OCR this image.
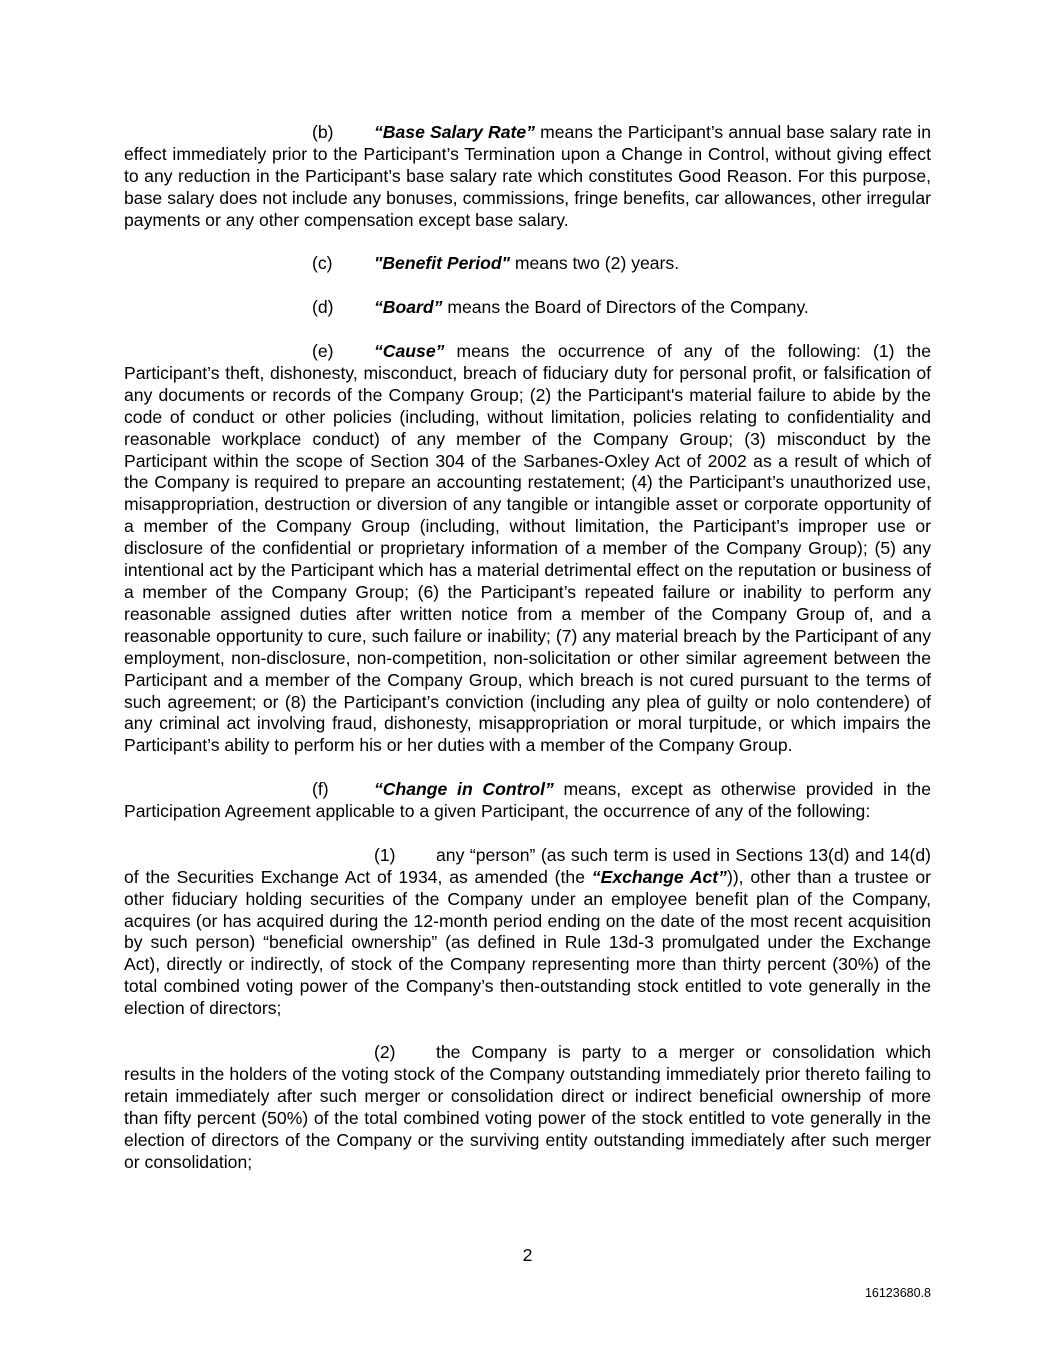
(b) “Base Salary Rate” means the Participant’s annual base salary rate in effect immediately prior to the Participant’s Termination upon a Change in Control, without giving effect to any reduction in the Participant’s base salary rate which constitutes Good Reason. For this purpose, base salary does not include any bonuses, commissions, fringe benefits, car allowances, other irregular payments or any other compensation except base salary.

(c) "Benefit Period" means two (2) years.

(d) “Board” means the Board of Directors of the Company.

(e) “Cause” means the occurrence of any of the following: (1) the Participant’s theft, dishonesty, misconduct, breach of fiduciary duty for personal profit, or falsification of any documents or records of the Company Group; (2) the Participant's material failure to abide by the code of conduct or other policies (including, without limitation, policies relating to confidentiality and reasonable workplace conduct) of any member of the Company Group; (3) misconduct by the Participant within the scope of Section 304 of the Sarbanes-Oxley Act of 2002 as a result of which of the Company is required to prepare an accounting restatement; (4) the Participant’s unauthorized use, misappropriation, destruction or diversion of any tangible or intangible asset or corporate opportunity of a member of the Company Group (including, without limitation, the Participant’s improper use or disclosure of the confidential or proprietary information of a member of the Company Group); (5) any intentional act by the Participant which has a material detrimental effect on the reputation or business of a member of the Company Group; (6) the Participant’s repeated failure or inability to perform any reasonable assigned duties after written notice from a member of the Company Group of, and a reasonable opportunity to cure, such failure or inability; (7) any material breach by the Participant of any employment, non-disclosure, non-competition, non-solicitation or other similar agreement between the Participant and a member of the Company Group, which breach is not cured pursuant to the terms of such agreement; or (8) the Participant’s conviction (including any plea of guilty or nolo contendere) of any criminal act involving fraud, dishonesty, misappropriation or moral turpitude, or which impairs the Participant’s ability to perform his or her duties with a member of the Company Group.

(f)	“Change in Control” means, except as otherwise provided in the Participation Agreement applicable to a given Participant, the occurrence of any of the following:

(1) any “person” (as such term is used in Sections 13(d) and 14(d) of the Securities Exchange Act of 1934, as amended (the “Exchange Act”)), other than a trustee or other fiduciary holding securities of the Company under an employee benefit plan of the Company, acquires (or has acquired during the 12-month period ending on the date of the most recent acquisition by such person) “beneficial ownership” (as defined in Rule 13d-3 promulgated under the Exchange Act), directly or indirectly, of stock of the Company representing more than thirty percent (30%) of the total combined voting power of the Company’s then-outstanding stock entitled to vote generally in the election of directors;

(2) the Company is party to a merger or consolidation which results in the holders of the voting stock of the Company outstanding immediately prior thereto failing to retain immediately after such merger or consolidation direct or indirect beneficial ownership of more than fifty percent (50%) of the total combined voting power of the stock entitled to vote generally in the election of directors of the Company or the surviving entity outstanding immediately after such merger or consolidation;

2
16123680.8
